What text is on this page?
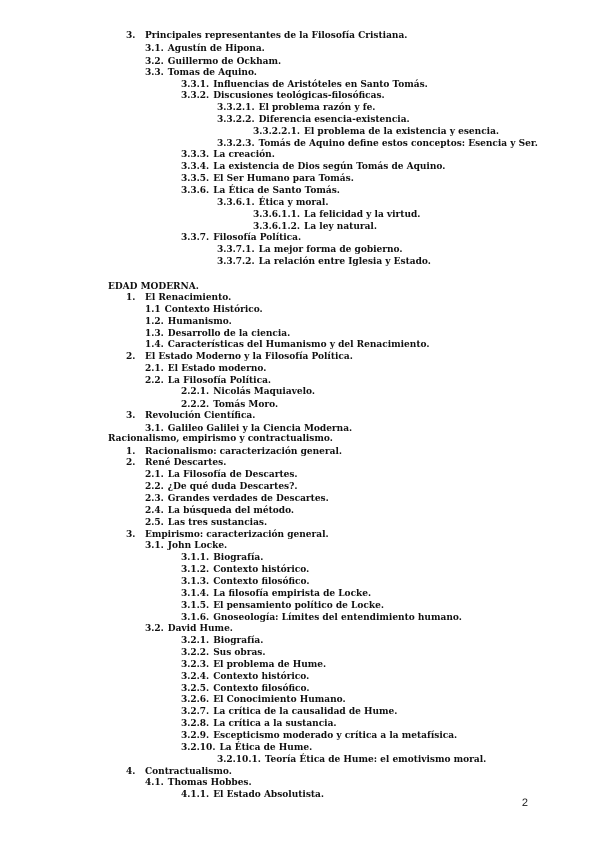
3. Principales representantes de la Filosofía Cristiana.
3.1. Agustín de Hipona.
3.2. Guillermo de Ockham.
3.3. Tomas de Aquino.
3.3.1. Influencias de Aristóteles en Santo Tomás.
3.3.2. Discusiones teológicas-filosóficas.
3.3.2.1. El problema razón y fe.
3.3.2.2. Diferencia esencia-existencia.
3.3.2.2.1. El problema de la existencia y esencia.
3.3.2.3. Tomás de Aquino define estos conceptos: Esencia y Ser.
3.3.3. La creación.
3.3.4. La existencia de Dios según Tomás de Aquino.
3.3.5. El Ser Humano para Tomás.
3.3.6. La Ética de Santo Tomás.
3.3.6.1. Ética y moral.
3.3.6.1.1. La felicidad y la virtud.
3.3.6.1.2. La ley natural.
3.3.7. Filosofía Política.
3.3.7.1. La mejor forma de gobierno.
3.3.7.2. La relación entre Iglesia y Estado.
EDAD MODERNA.
1. El Renacimiento.
1.1 Contexto Histórico.
1.2. Humanismo.
1.3. Desarrollo de la ciencia.
1.4. Características del Humanismo y del Renacimiento.
2. El Estado Moderno y la Filosofía Política.
2.1. El Estado moderno.
2.2. La Filosofía Política.
2.2.1. Nicolás Maquiavelo.
2.2.2. Tomás Moro.
3. Revolución Científica.
3.1. Galileo Galilei y la Ciencia Moderna.
Racionalismo, empirismo y contractualismo.
1. Racionalismo: caracterización general.
2. René Descartes.
2.1. La Filosofía de Descartes.
2.2. ¿De qué duda Descartes?.
2.3. Grandes verdades de Descartes.
2.4. La búsqueda del método.
2.5. Las tres sustancias.
3. Empirismo: caracterización general.
3.1. John Locke.
3.1.1. Biografía.
3.1.2. Contexto histórico.
3.1.3. Contexto filosófico.
3.1.4. La filosofía empirista de Locke.
3.1.5. El pensamiento político de Locke.
3.1.6. Gnoseología: Límites del entendimiento humano.
3.2. David Hume.
3.2.1. Biografía.
3.2.2. Sus obras.
3.2.3. El problema de Hume.
3.2.4. Contexto histórico.
3.2.5. Contexto filosófico.
3.2.6. El Conocimiento Humano.
3.2.7. La crítica de la causalidad de Hume.
3.2.8. La crítica a la sustancia.
3.2.9. Escepticismo moderado y crítica a la metafísica.
3.2.10. La Ética de Hume.
3.2.10.1. Teoría Ética de Hume: el emotivismo moral.
4. Contractualismo.
4.1. Thomas Hobbes.
4.1.1. El Estado Absolutista.
2
